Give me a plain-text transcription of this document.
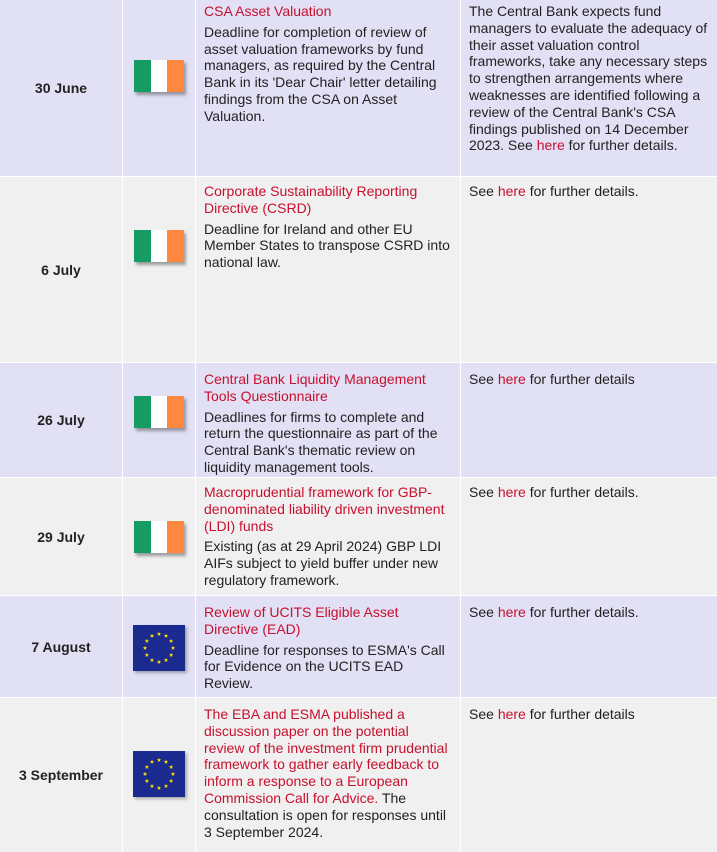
30 June
CSA Asset Valuation
Deadline for completion of review of asset valuation frameworks by fund managers, as required by the Central Bank in its 'Dear Chair' letter detailing findings from the CSA on Asset Valuation.
The Central Bank expects fund managers to evaluate the adequacy of their asset valuation control frameworks, take any necessary steps to strengthen arrangements where weaknesses are identified following a review of the Central Bank's CSA findings published on 14 December 2023. See here for further details.
6 July
Corporate Sustainability Reporting Directive (CSRD)
Deadline for Ireland and other EU Member States to transpose CSRD into national law.
See here for further details.
26 July
Central Bank Liquidity Management Tools Questionnaire
Deadlines for firms to complete and return the questionnaire as part of the Central Bank's thematic review on liquidity management tools.
See here for further details
29 July
Macroprudential framework for GBP-denominated liability driven investment (LDI) funds
Existing (as at 29 April 2024) GBP LDI AIFs subject to yield buffer under new regulatory framework.
See here for further details.
7 August
Review of UCITS Eligible Asset Directive (EAD)
Deadline for responses to ESMA's Call for Evidence on the UCITS EAD Review.
See here for further details.
3 September
The EBA and ESMA published a discussion paper on the potential review of the investment firm prudential framework to gather early feedback to inform a response to a European Commission Call for Advice. The consultation is open for responses until 3 September 2024.
See here for further details
